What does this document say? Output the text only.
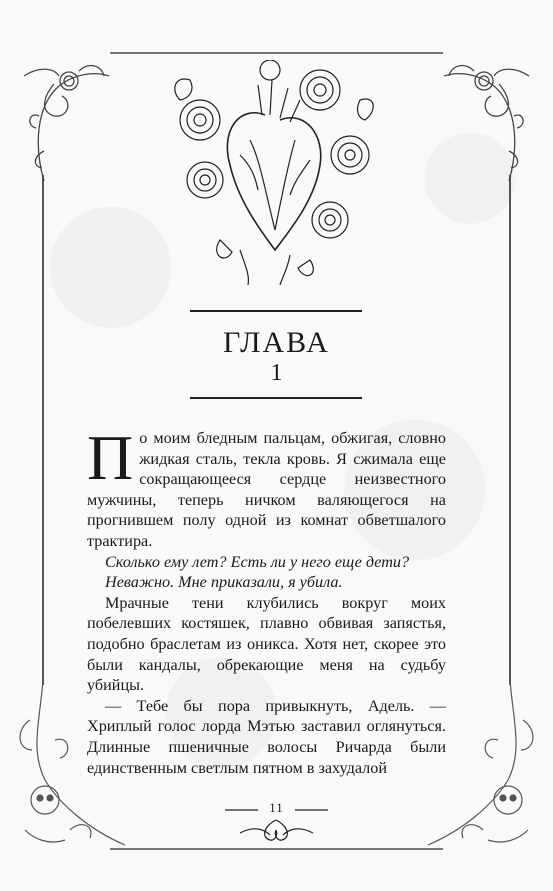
ГЛАВА
1

По моим бледным пальцам, обжигая, словно жидкая сталь, текла кровь. Я сжимала еще сокращающееся сердце неизвестного мужчины, теперь ничком валяющегося на прогнившем полу одной из комнат обветшалого трактира.

Сколько ему лет? Есть ли у него еще дети?

Неважно. Мне приказали, я убила.

Мрачные тени клубились вокруг моих побелевших костяшек, плавно обвивая запястья, подобно браслетам из оникса. Хотя нет, скорее это были кандалы, обрекающие меня на судьбу убийцы.

— Тебе бы пора привыкнуть, Адель. — Хриплый голос лорда Мэтью заставил оглянуться. Длинные пшеничные волосы Ричарда были единственным светлым пятном в захудалой

11
